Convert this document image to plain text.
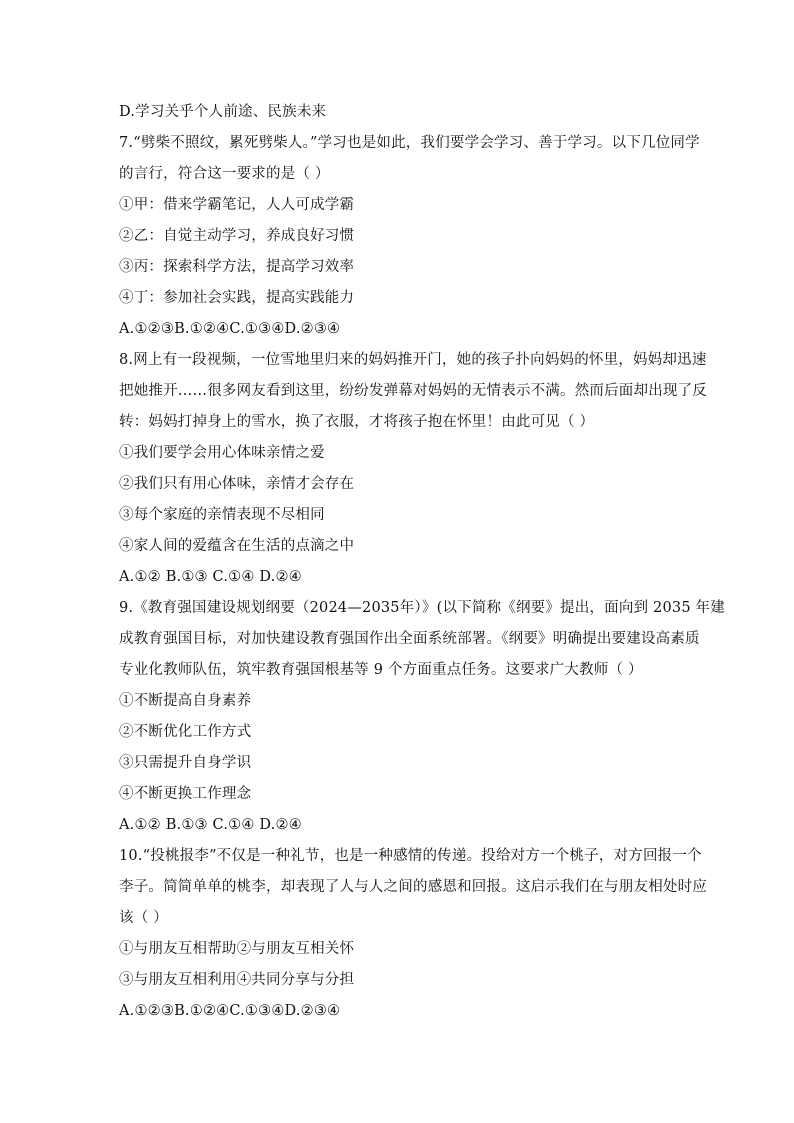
D.学习关乎个人前途、民族未来
7.“劈柴不照纹，累死劈柴人。”学习也是如此，我们要学会学习、善于学习。以下几位同学
的言行，符合这一要求的是（ ）
①甲：借来学霸笔记，人人可成学霸
②乙：自觉主动学习，养成良好习惯
③丙：探索科学方法，提高学习效率
④丁：参加社会实践，提高实践能力
A.①②③B.①②④C.①③④D.②③④
8.网上有一段视频，一位雪地里归来的妈妈推开门，她的孩子扑向妈妈的怀里，妈妈却迅速
把她推开……很多网友看到这里，纷纷发弹幕对妈妈的无情表示不满。然而后面却出现了反
转：妈妈打掉身上的雪水，换了衣服，才将孩子抱在怀里！由此可见（ ）
①我们要学会用心体味亲情之爱
②我们只有用心体味，亲情才会存在
③每个家庭的亲情表现不尽相同
④家人间的爱蕴含在生活的点滴之中
A.①② B.①③ C.①④ D.②④
9.《教育强国建设规划纲要（2024—2035年）》(以下简称《纲要》提出，面向到 2035 年建
成教育强国目标，对加快建设教育强国作出全面系统部署。《纲要》明确提出要建设高素质
专业化教师队伍，筑牢教育强国根基等 9 个方面重点任务。这要求广大教师（ ）
①不断提高自身素养
②不断优化工作方式
③只需提升自身学识
④不断更换工作理念
A.①② B.①③ C.①④ D.②④
10.“投桃报李”不仅是一种礼节，也是一种感情的传递。投给对方一个桃子，对方回报一个
李子。简简单单的桃李，却表现了人与人之间的感恩和回报。这启示我们在与朋友相处时应
该（ ）
①与朋友互相帮助②与朋友互相关怀
③与朋友互相利用④共同分享与分担
A.①②③B.①②④C.①③④D.②③④
